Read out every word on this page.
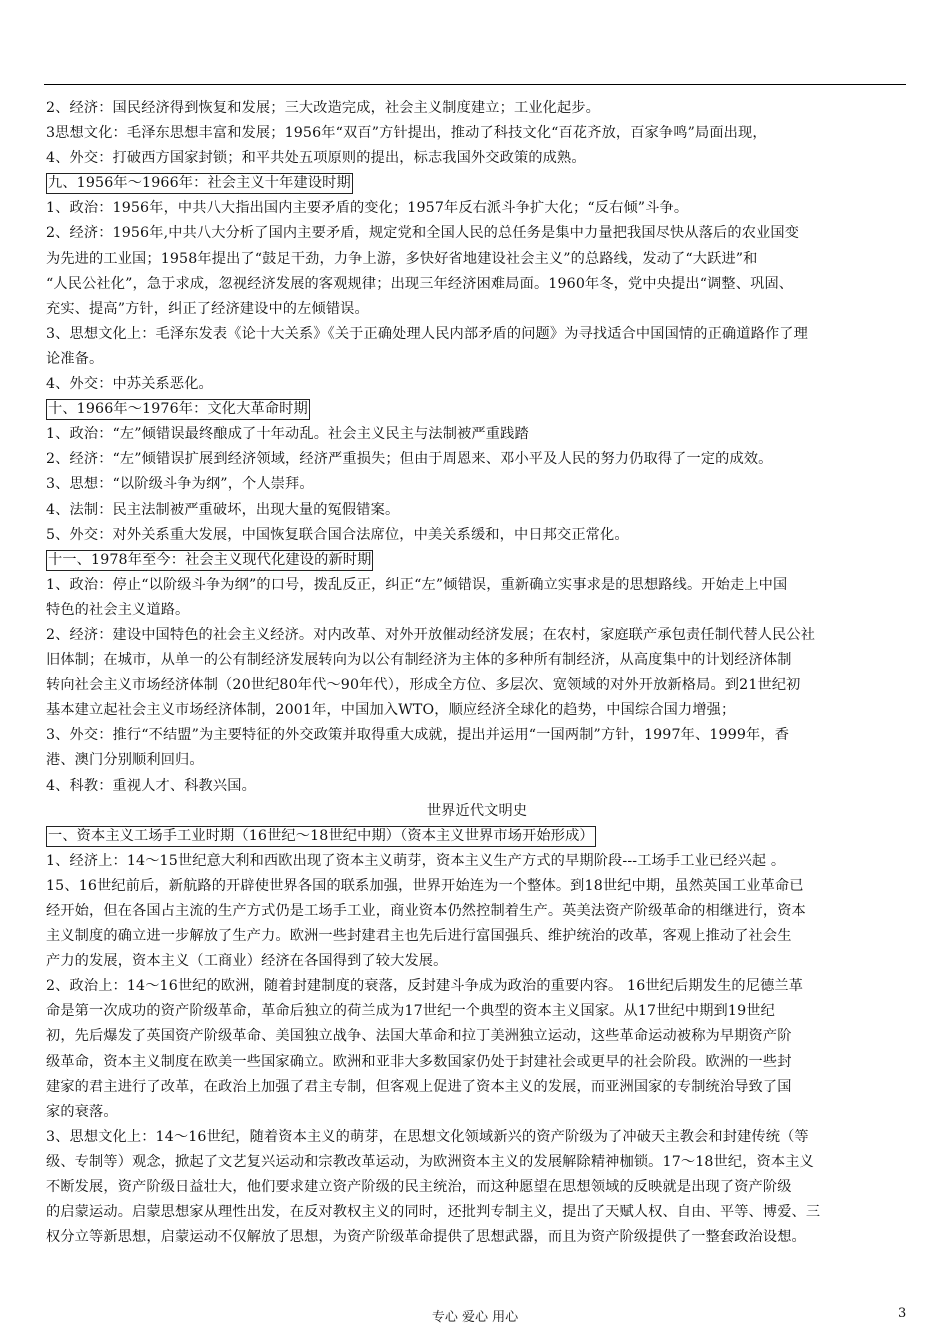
2、经济：国民经济得到恢复和发展；三大改造完成，社会主义制度建立；工业化起步。
3思想文化：毛泽东思想丰富和发展；1956年“双百”方针提出，推动了科技文化“百花齐放，百家争鸣”局面出现，
4、外交：打破西方国家封锁；和平共处五项原则的提出，标志我国外交政策的成熟。
九、1956年～1966年：社会主义十年建设时期
1、政治：1956年，中共八大指出国内主要矛盾的变化；1957年反右派斗争扩大化；“反右倾”斗争。
2、经济：1956年,中共八大分析了国内主要矛盾，规定党和全国人民的总任务是集中力量把我国尽快从落后的农业国变
为先进的工业国；1958年提出了“鼓足干劲，力争上游，多快好省地建设社会主义”的总路线，发动了“大跃进”和
“人民公社化”，急于求成，忽视经济发展的客观规律；出现三年经济困难局面。1960年冬，党中央提出“调整、巩固、
充实、提高”方针，纠正了经济建设中的左倾错误。
3、思想文化上：毛泽东发表《论十大关系》《关于正确处理人民内部矛盾的问题》为寻找适合中国国情的正确道路作了理
论准备。
4、外交：中苏关系恶化。
十、1966年～1976年：文化大革命时期
1、政治：“左”倾错误最终酿成了十年动乱。社会主义民主与法制被严重践踏
2、经济：“左”倾错误扩展到经济领域，经济严重损失；但由于周恩来、邓小平及人民的努力仍取得了一定的成效。
3、思想：“以阶级斗争为纲”，个人崇拜。
4、法制：民主法制被严重破坏，出现大量的冤假错案。
5、外交：对外关系重大发展，中国恢复联合国合法席位，中美关系缓和，中日邦交正常化。
十一、1978年至今：社会主义现代化建设的新时期
1、政治：停止“以阶级斗争为纲”的口号，拨乱反正，纠正“左”倾错误，重新确立实事求是的思想路线。开始走上中国
特色的社会主义道路。
2、经济：建设中国特色的社会主义经济。对内改革、对外开放催动经济发展；在农村，家庭联产承包责任制代替人民公社
旧体制；在城市，从单一的公有制经济发展转向为以公有制经济为主体的多种所有制经济，从高度集中的计划经济体制
转向社会主义市场经济体制（20世纪80年代～90年代），形成全方位、多层次、宽领域的对外开放新格局。到21世纪初
基本建立起社会主义市场经济体制，2001年，中国加入WTO，顺应经济全球化的趋势，中国综合国力增强；
3、外交：推行“不结盟”为主要特征的外交政策并取得重大成就，提出并运用“一国两制”方针，1997年、1999年，香
港、澳门分别顺利回归。
4、科教：重视人才、科教兴国。
世界近代文明史
一、资本主义工场手工业时期（16世纪～18世纪中期）（资本主义世界市场开始形成）
1、经济上：14～15世纪意大利和西欧出现了资本主义萌芽，资本主义生产方式的早期阶段---工场手工业已经兴起 。
15、16世纪前后，新航路的开辟使世界各国的联系加强，世界开始连为一个整体。到18世纪中期，虽然英国工业革命已
经开始，但在各国占主流的生产方式仍是工场手工业，商业资本仍然控制着生产。英美法资产阶级革命的相继进行，资本
主义制度的确立进一步解放了生产力。欧洲一些封建君主也先后进行富国强兵、维护统治的改革，客观上推动了社会生
产力的发展，资本主义（工商业）经济在各国得到了较大发展。
2、政治上：14～16世纪的欧洲，随着封建制度的衰落，反封建斗争成为政治的重要内容。 16世纪后期发生的尼德兰革
命是第一次成功的资产阶级革命，革命后独立的荷兰成为17世纪一个典型的资本主义国家。从17世纪中期到19世纪
初，先后爆发了英国资产阶级革命、美国独立战争、法国大革命和拉丁美洲独立运动，这些革命运动被称为早期资产阶
级革命，资本主义制度在欧美一些国家确立。欧洲和亚非大多数国家仍处于封建社会或更早的社会阶段。欧洲的一些封
建家的君主进行了改革，在政治上加强了君主专制，但客观上促进了资本主义的发展，而亚洲国家的专制统治导致了国
家的衰落。
3、思想文化上：14～16世纪，随着资本主义的萌芽，在思想文化领域新兴的资产阶级为了冲破天主教会和封建传统（等
级、专制等）观念，掀起了文艺复兴运动和宗教改革运动，为欧洲资本主义的发展解除精神枷锁。17～18世纪，资本主义
不断发展，资产阶级日益壮大，他们要求建立资产阶级的民主统治，而这种愿望在思想领域的反映就是出现了资产阶级
的启蒙运动。启蒙思想家从理性出发，在反对教权主义的同时，还批判专制主义，提出了天赋人权、自由、平等、博爱、三
权分立等新思想，启蒙运动不仅解放了思想，为资产阶级革命提供了思想武器，而且为资产阶级提供了一整套政治设想。
专心 爱心 用心	3
